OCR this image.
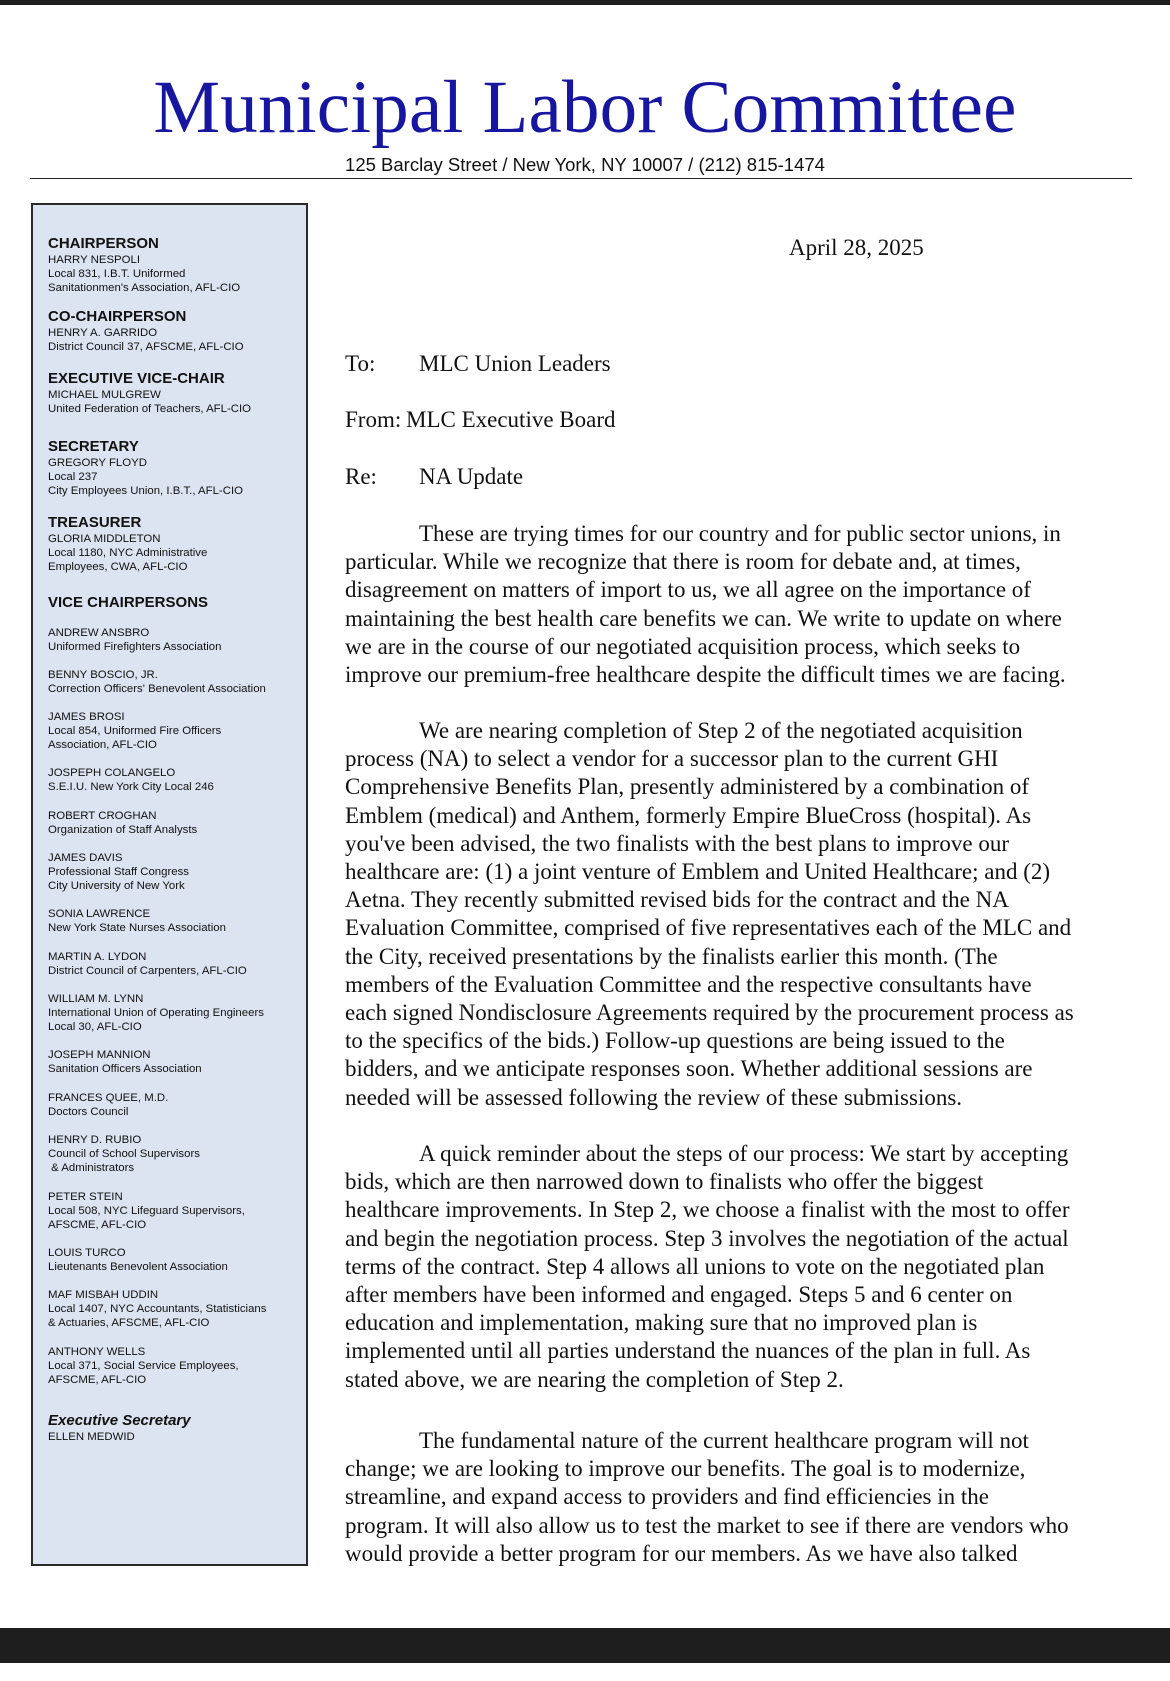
Municipal Labor Committee
125 Barclay Street / New York, NY 10007 / (212) 815-1474
CHAIRPERSON
HARRY NESPOLI
Local 831, I.B.T. Uniformed
Sanitationmen's Association, AFL-CIO
CO-CHAIRPERSON
HENRY A. GARRIDO
District Council 37, AFSCME, AFL-CIO
EXECUTIVE VICE-CHAIR
MICHAEL MULGREW
United Federation of Teachers, AFL-CIO
SECRETARY
GREGORY FLOYD
Local 237
City Employees Union, I.B.T., AFL-CIO
TREASURER
GLORIA MIDDLETON
Local 1180, NYC Administrative
Employees, CWA, AFL-CIO
VICE CHAIRPERSONS
ANDREW ANSBRO
Uniformed Firefighters Association
BENNY BOSCIO, JR.
Correction Officers' Benevolent Association
JAMES BROSI
Local 854, Uniformed Fire Officers
Association, AFL-CIO
JOSPEPH COLANGELO
S.E.I.U. New York City Local 246
ROBERT CROGHAN
Organization of Staff Analysts
JAMES DAVIS
Professional Staff Congress
City University of New York
SONIA LAWRENCE
New York State Nurses Association
MARTIN A. LYDON
District Council of Carpenters, AFL-CIO
WILLIAM M. LYNN
International Union of Operating Engineers
Local 30, AFL-CIO
JOSEPH MANNION
Sanitation Officers Association
FRANCES QUEE, M.D.
Doctors Council
HENRY D. RUBIO
Council of School Supervisors
& Administrators
PETER STEIN
Local 508, NYC Lifeguard Supervisors,
AFSCME, AFL-CIO
LOUIS TURCO
Lieutenants Benevolent Association
MAF MISBAH UDDIN
Local 1407, NYC Accountants, Statisticians
& Actuaries, AFSCME, AFL-CIO
ANTHONY WELLS
Local 371, Social Service Employees,
AFSCME, AFL-CIO
Executive Secretary
ELLEN MEDWID
April 28, 2025
To: MLC Union Leaders
From: MLC Executive Board
Re: NA Update
These are trying times for our country and for public sector unions, in
particular. While we recognize that there is room for debate and, at times,
disagreement on matters of import to us, we all agree on the importance of
maintaining the best health care benefits we can. We write to update on where
we are in the course of our negotiated acquisition process, which seeks to
improve our premium-free healthcare despite the difficult times we are facing.
We are nearing completion of Step 2 of the negotiated acquisition
process (NA) to select a vendor for a successor plan to the current GHI
Comprehensive Benefits Plan, presently administered by a combination of
Emblem (medical) and Anthem, formerly Empire BlueCross (hospital). As
you've been advised, the two finalists with the best plans to improve our
healthcare are: (1) a joint venture of Emblem and United Healthcare; and (2)
Aetna. They recently submitted revised bids for the contract and the NA
Evaluation Committee, comprised of five representatives each of the MLC and
the City, received presentations by the finalists earlier this month. (The
members of the Evaluation Committee and the respective consultants have
each signed Nondisclosure Agreements required by the procurement process as
to the specifics of the bids.) Follow-up questions are being issued to the
bidders, and we anticipate responses soon. Whether additional sessions are
needed will be assessed following the review of these submissions.
A quick reminder about the steps of our process: We start by accepting
bids, which are then narrowed down to finalists who offer the biggest
healthcare improvements. In Step 2, we choose a finalist with the most to offer
and begin the negotiation process. Step 3 involves the negotiation of the actual
terms of the contract. Step 4 allows all unions to vote on the negotiated plan
after members have been informed and engaged. Steps 5 and 6 center on
education and implementation, making sure that no improved plan is
implemented until all parties understand the nuances of the plan in full. As
stated above, we are nearing the completion of Step 2.
The fundamental nature of the current healthcare program will not
change; we are looking to improve our benefits. The goal is to modernize,
streamline, and expand access to providers and find efficiencies in the
program. It will also allow us to test the market to see if there are vendors who
would provide a better program for our members. As we have also talked
